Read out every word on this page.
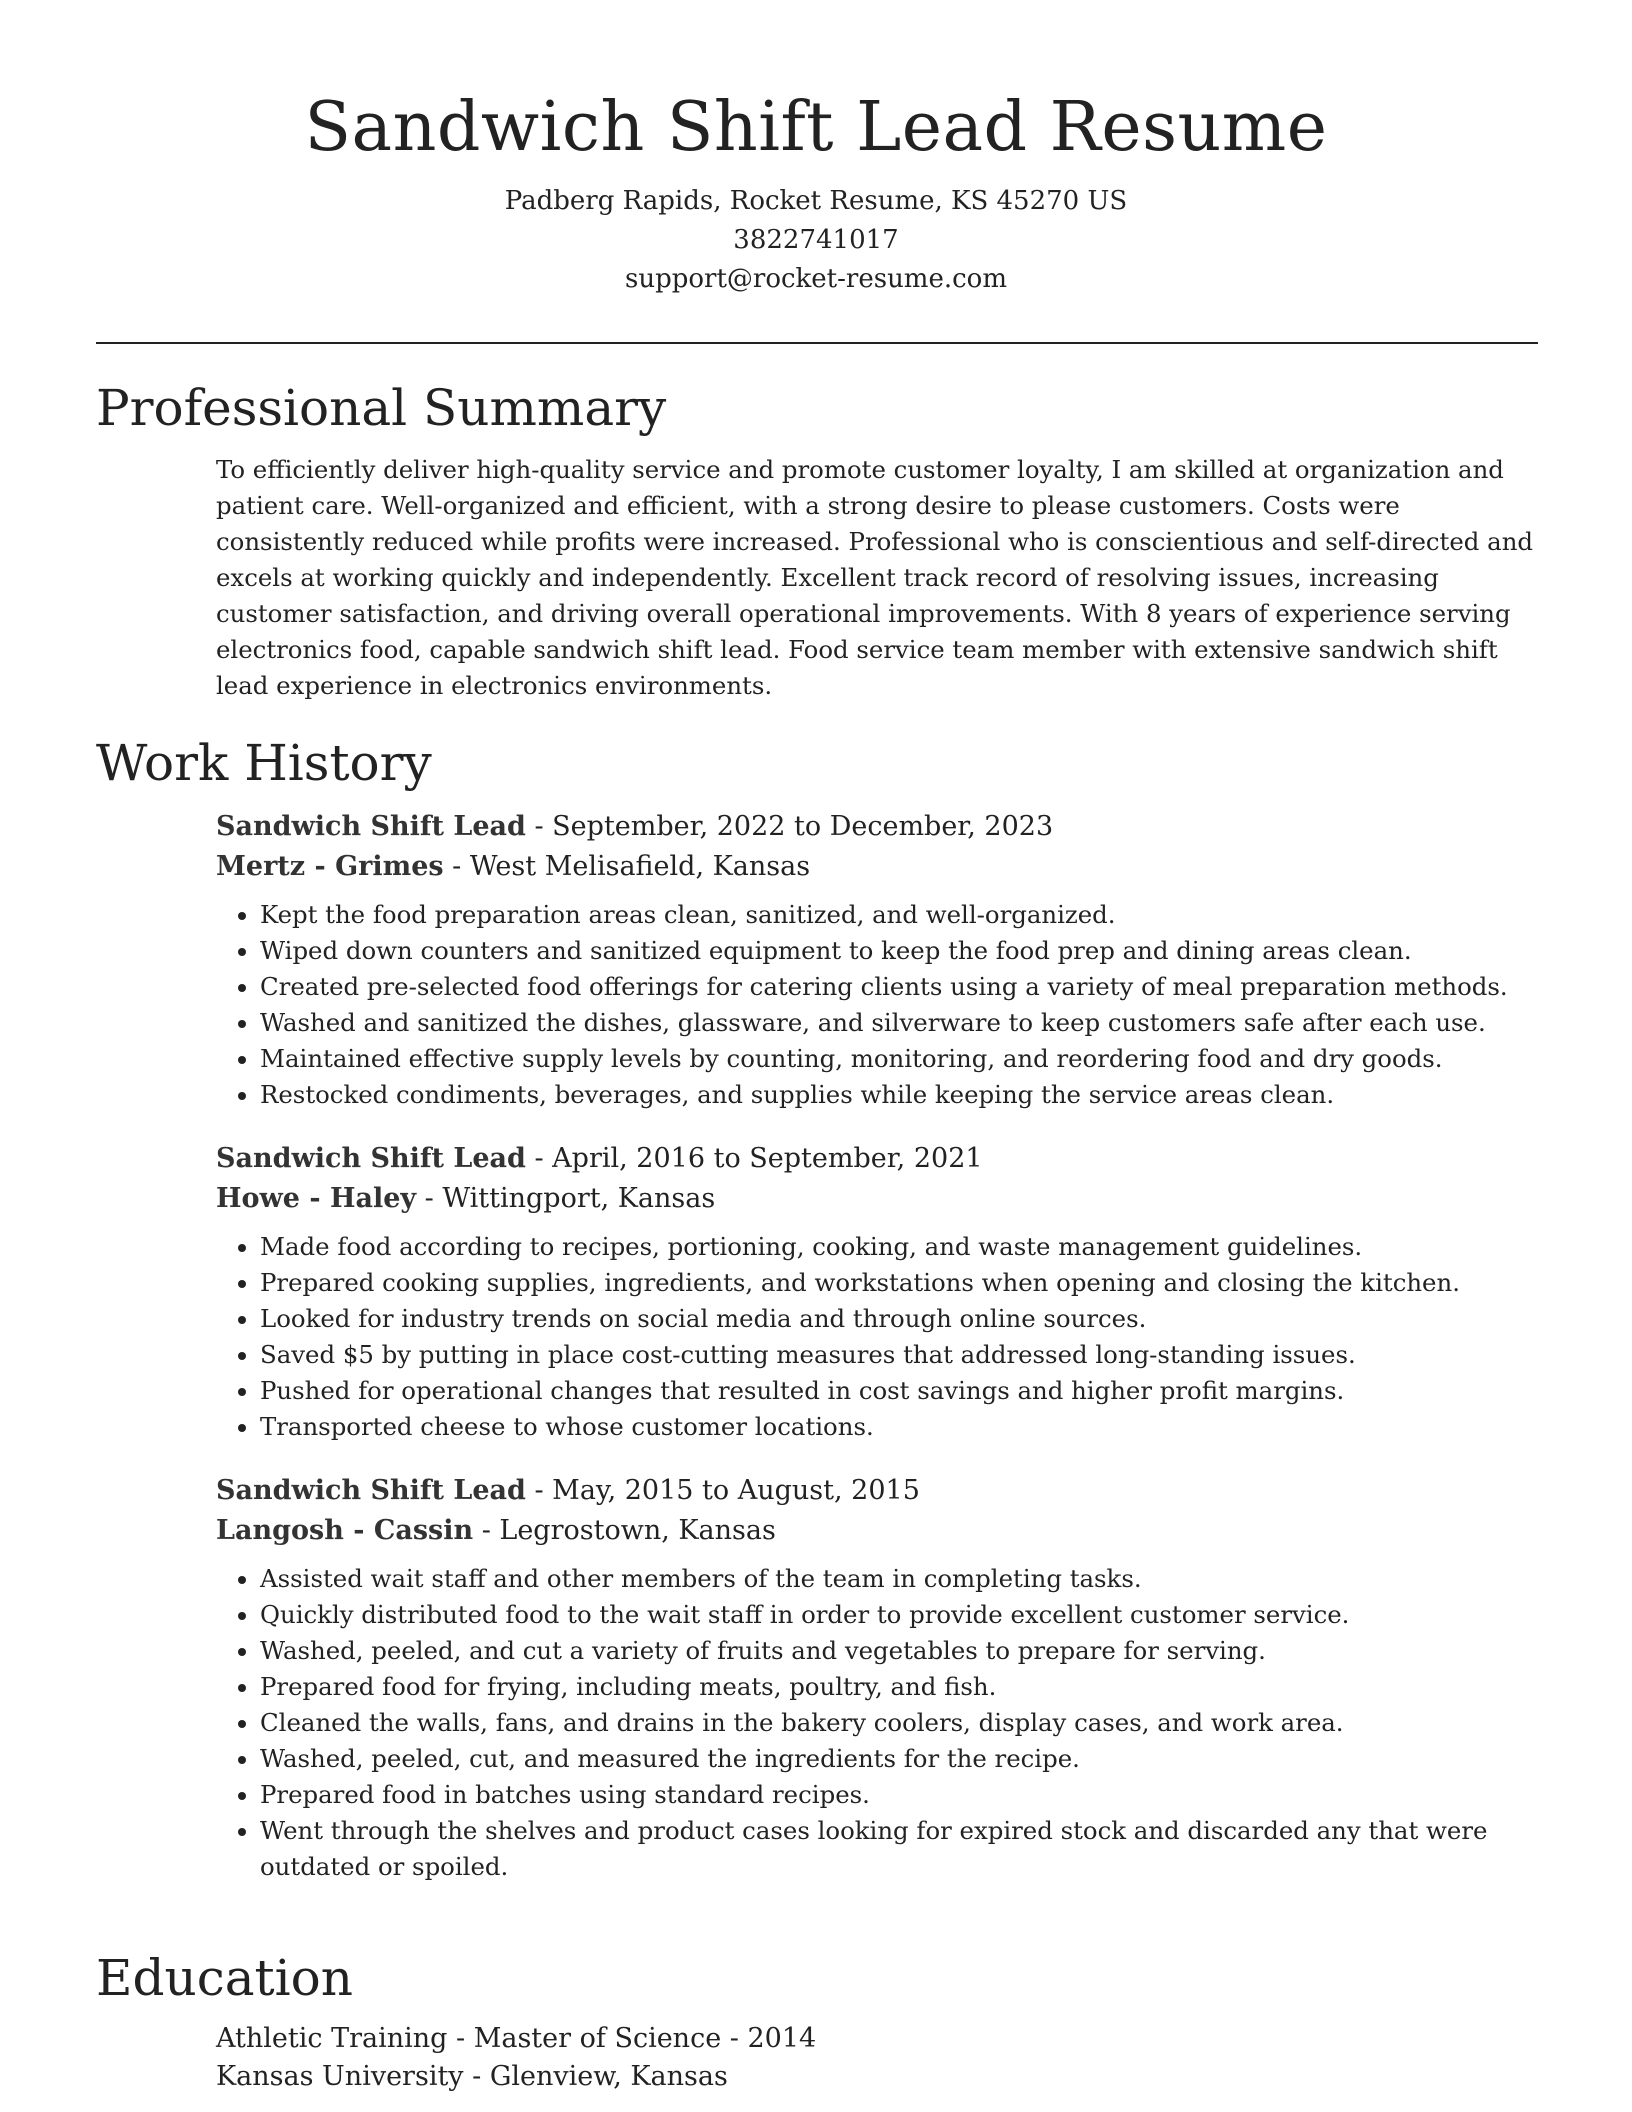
Sandwich Shift Lead Resume
Padberg Rapids, Rocket Resume, KS 45270 US
3822741017
support@rocket-resume.com
Professional Summary
To efficiently deliver high-quality service and promote customer loyalty, I am skilled at organization and patient care. Well-organized and efficient, with a strong desire to please customers. Costs were consistently reduced while profits were increased. Professional who is conscientious and self-directed and excels at working quickly and independently. Excellent track record of resolving issues, increasing customer satisfaction, and driving overall operational improvements. With 8 years of experience serving electronics food, capable sandwich shift lead. Food service team member with extensive sandwich shift lead experience in electronics environments.
Work History
Sandwich Shift Lead - September, 2022 to December, 2023
Mertz - Grimes - West Melisafield, Kansas
• Kept the food preparation areas clean, sanitized, and well-organized.
• Wiped down counters and sanitized equipment to keep the food prep and dining areas clean.
• Created pre-selected food offerings for catering clients using a variety of meal preparation methods.
• Washed and sanitized the dishes, glassware, and silverware to keep customers safe after each use.
• Maintained effective supply levels by counting, monitoring, and reordering food and dry goods.
• Restocked condiments, beverages, and supplies while keeping the service areas clean.
Sandwich Shift Lead - April, 2016 to September, 2021
Howe - Haley - Wittingport, Kansas
• Made food according to recipes, portioning, cooking, and waste management guidelines.
• Prepared cooking supplies, ingredients, and workstations when opening and closing the kitchen.
• Looked for industry trends on social media and through online sources.
• Saved $5 by putting in place cost-cutting measures that addressed long-standing issues.
• Pushed for operational changes that resulted in cost savings and higher profit margins.
• Transported cheese to whose customer locations.
Sandwich Shift Lead - May, 2015 to August, 2015
Langosh - Cassin - Legrostown, Kansas
• Assisted wait staff and other members of the team in completing tasks.
• Quickly distributed food to the wait staff in order to provide excellent customer service.
• Washed, peeled, and cut a variety of fruits and vegetables to prepare for serving.
• Prepared food for frying, including meats, poultry, and fish.
• Cleaned the walls, fans, and drains in the bakery coolers, display cases, and work area.
• Washed, peeled, cut, and measured the ingredients for the recipe.
• Prepared food in batches using standard recipes.
• Went through the shelves and product cases looking for expired stock and discarded any that were outdated or spoiled.
Education
Athletic Training - Master of Science - 2014
Kansas University - Glenview, Kansas
